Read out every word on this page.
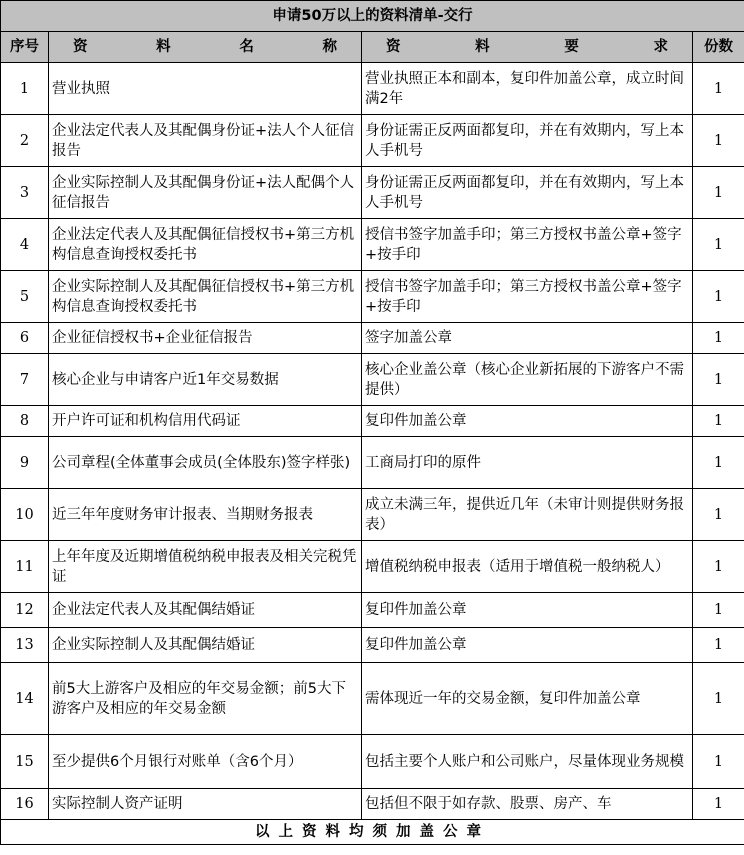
申请50万以上的资料清单-交行			
序号	资 料 名 称	资 料 要 求	份数
1	营业执照	营业执照正本和副本，复印件加盖公章，成立时间满2年	1
2	企业法定代表人及其配偶身份证+法人个人征信报告	身份证需正反两面都复印，并在有效期内，写上本人手机号	1
3	企业实际控制人及其配偶身份证+法人配偶个人征信报告	身份证需正反两面都复印，并在有效期内，写上本人手机号	1
4	企业法定代表人及其配偶征信授权书+第三方机构信息查询授权委托书	授信书签字加盖手印；第三方授权书盖公章+签字+按手印	1
5	企业实际控制人及其配偶征信授权书+第三方机构信息查询授权委托书	授信书签字加盖手印；第三方授权书盖公章+签字+按手印	1
6	企业征信授权书+企业征信报告	签字加盖公章	1
7	核心企业与申请客户近1年交易数据	核心企业盖公章（核心企业新拓展的下游客户不需提供）	1
8	开户许可证和机构信用代码证	复印件加盖公章	1
9	公司章程(全体董事会成员(全体股东)签字样张)	工商局打印的原件	1
10	近三年年度财务审计报表、当期财务报表	成立未满三年，提供近几年（未审计则提供财务报表）	1
11	上年年度及近期增值税纳税申报表及相关完税凭证	增值税纳税申报表（适用于增值税一般纳税人）	1
12	企业法定代表人及其配偶结婚证	复印件加盖公章	1
13	企业实际控制人及其配偶结婚证	复印件加盖公章	1
14	前5大上游客户及相应的年交易金额；前5大下游客户及相应的年交易金额	需体现近一年的交易金额，复印件加盖公章	1
15	至少提供6个月银行对账单（含6个月）	包括主要个人账户和公司账户，尽量体现业务规模	1
16	实际控制人资产证明	包括但不限于如存款、股票、房产、车	1
以上资料均须加盖公章			
